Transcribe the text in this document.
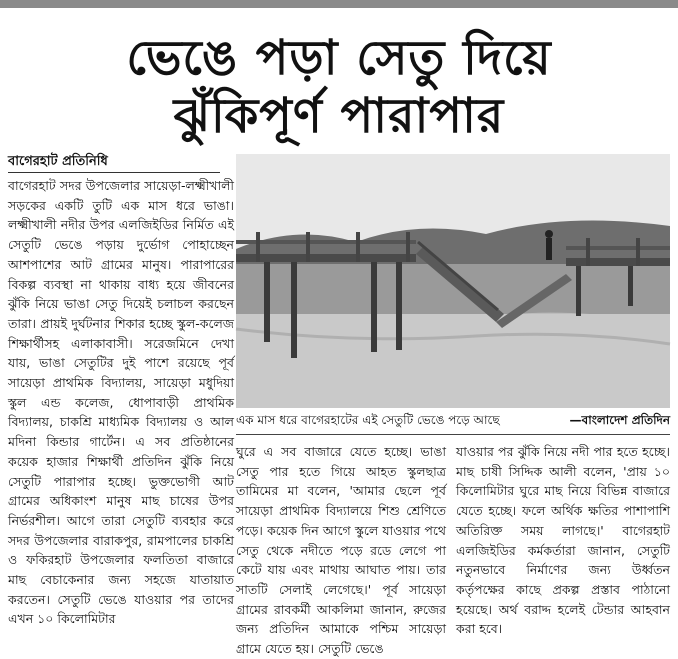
ভেঙে পড়া সেতু দিয়ে
ঝুঁকিপূর্ণ পারাপার
বাগেরহাট প্রতিনিধি
বাগেরহাট সদর উপজেলার সায়েড়া-লক্ষ্মীখালী সড়কের একটি তুটি এক মাস ধরে ভাঙা। লক্ষ্মীখালী নদীর উপর এলজিইডির নির্মিত এই সেতুটি ভেঙে পড়ায় দুর্ভোগ পোহাচ্ছেন আশপাশের আট গ্রামের মানুষ। পারাপারের বিকল্প ব্যবস্থা না থাকায় বাধ্য হয়ে জীবনের ঝুঁকি নিয়ে ভাঙা সেতু দিয়েই চলাচল করছেন তারা। প্রায়ই দুর্ঘটনার শিকার হচ্ছে স্কুল-কলেজ শিক্ষার্থীসহ এলাকাবাসী। সরেজমিনে দেখা যায়, ভাঙা সেতুটির দুই পাশে রয়েছে পূর্ব সায়েড়া প্রাথমিক বিদ্যালয়, সায়েড়া মধুদিয়া স্কুল এন্ড কলেজ, ধোপাবাড়ী প্রাথমিক বিদ্যালয়, চাকশ্রি মাধ্যমিক বিদ্যালয় ও আল মদিনা কিন্ডার গার্টেন। এ সব প্রতিষ্ঠানের কয়েক হাজার শিক্ষার্থী প্রতিদিন ঝুঁকি নিয়ে সেতুটি পারাপার হচ্ছে। ভুক্তভোগী আট গ্রামের অধিকাংশ মানুষ মাছ চাষের উপর নির্ভরশীল। আগে তারা সেতুটি ব্যবহার করে সদর উপজেলার বারাকপুর, রামপালের চাকশ্রি ও ফকিরহাট উপজেলার ফলতিতা বাজারে মাছ বেচাকেনার জন্য সহজে যাতায়াত করতেন। সেতুটি ভেঙে যাওয়ার পর তাদের এখন ১০ কিলোমিটার
এক মাস ধরে বাগেরহাটের এই সেতুটি ভেঙে পড়ে আছে	—বাংলাদেশ প্রতিদিন
ঘুরে এ সব বাজারে যেতে হচ্ছে। ভাঙা সেতু পার হতে গিয়ে আহত স্কুলছাত্র তামিমের মা বলেন, 'আমার ছেলে পূর্ব সায়েড়া প্রাথমিক বিদ্যালয়ে শিশু শ্রেণিতে পড়ে। কয়েক দিন আগে স্কুলে যাওয়ার পথে সেতু থেকে নদীতে পড়ে রডে লেগে পা কেটে যায় এবং মাথায় আঘাত পায়। তার সাতটি সেলাই লেগেছে।' পূর্ব সায়েড়া গ্রামের রাবকর্মী আকলিমা জানান, রুজের জন্য প্রতিদিন আমাকে পশ্চিম সায়েড়া গ্রামে যেতে হয়। সেতুটি ভেঙে
যাওয়ার পর ঝুঁকি নিয়ে নদী পার হতে হচ্ছে। মাছ চাষী সিদ্দিক আলী বলেন, 'প্রায় ১০ কিলোমিটার ঘুরে মাছ নিয়ে বিভিন্ন বাজারে যেতে হচ্ছে। ফলে অর্থিক ক্ষতির পাশাপাশি অতিরিক্ত সময় লাগছে।' বাগেরহাট এলজিইডির কর্মকর্তারা জানান, সেতুটি নতুনভাবে নির্মাণের জন্য উর্ধ্বতন কর্তৃপক্ষের কাছে প্রকল্প প্রস্তাব পাঠানো হয়েছে। অর্থ বরাদ্দ হলেই টেন্ডার আহবান করা হবে।
